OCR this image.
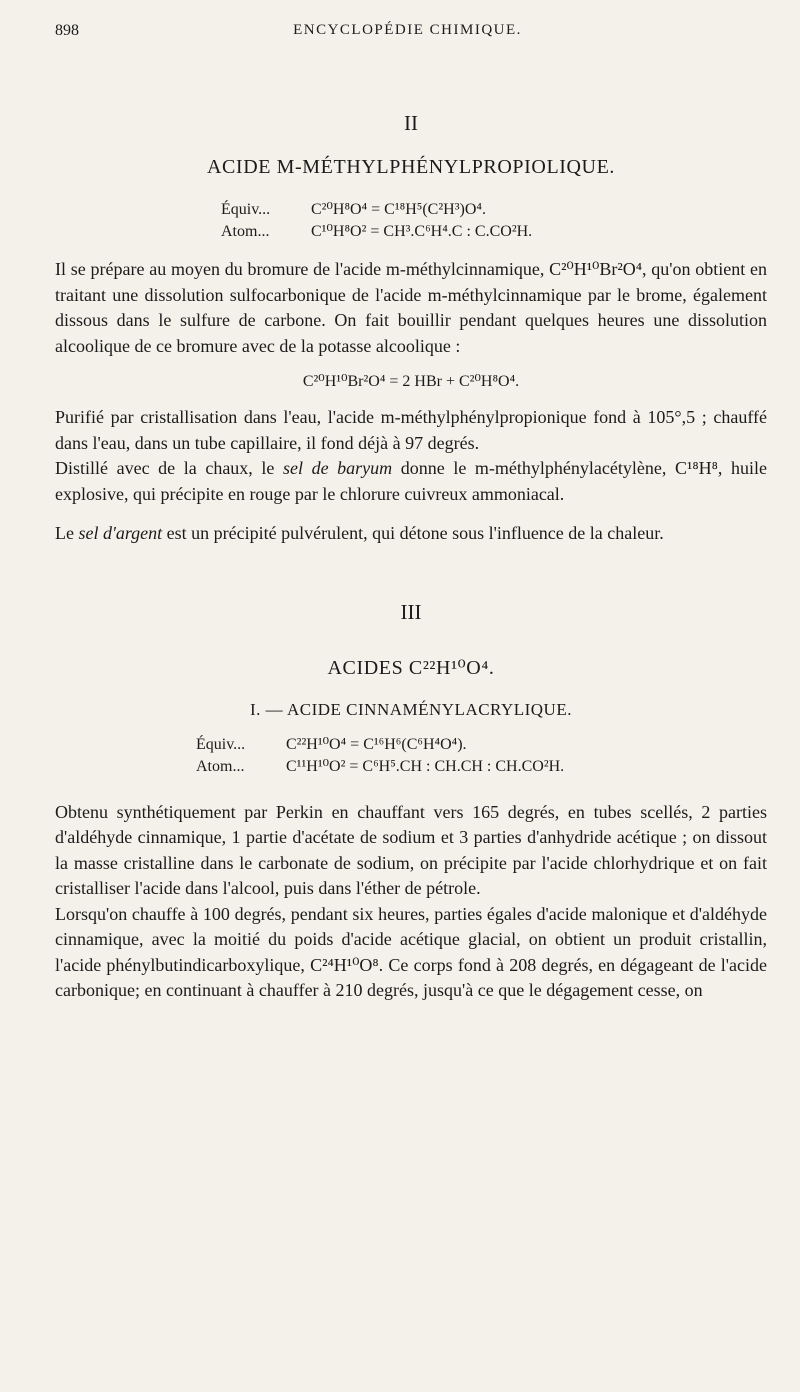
898	ENCYCLOPÉDIE CHIMIQUE.
II
ACIDE M-MÉTHYLPHÉNYLPROPIOLIQUE.
Équiv...	C²⁰H⁸O⁴ = C¹⁸H⁵(C²H³)O⁴.
Atom...	C¹⁰H⁸O² = CH³.C⁶H⁴.C : C.CO²H.

Il se prépare au moyen du bromure de l'acide m-méthylcinnamique, C²⁰H¹⁰Br²O⁴, qu'on obtient en traitant une dissolution sulfocarbonique de l'acide m-méthylcinnamique par le brome, également dissous dans le sulfure de carbone. On fait bouillir pendant quelques heures une dissolution alcoolique de ce bromure avec de la potasse alcoolique :

C²⁰H¹⁰Br²O⁴ = 2 HBr + C²⁰H⁸O⁴.

Purifié par cristallisation dans l'eau, l'acide m-méthylphénylpropionique fond à 105°,5 ; chauffé dans l'eau, dans un tube capillaire, il fond déjà à 97 degrés.

Distillé avec de la chaux, le sel de baryum donne le m-méthylphénylacétylène, C¹⁸H⁸, huile explosive, qui précipite en rouge par le chlorure cuivreux ammoniacal.

Le sel d'argent est un précipité pulvérulent, qui détone sous l'influence de la chaleur.

III
ACIDES C²²H¹⁰O⁴.
I. — ACIDE CINNAMÉNYLACRYLIQUE.
Équiv...	C²²H¹⁰O⁴ = C¹⁶H⁶(C⁶H⁴O⁴).
Atom...	C¹¹H¹⁰O² = C⁶H⁵.CH : CH.CH : CH.CO²H.

Obtenu synthétiquement par Perkin en chauffant vers 165 degrés, en tubes scellés, 2 parties d'aldéhyde cinnamique, 1 partie d'acétate de sodium et 3 parties d'anhydride acétique ; on dissout la masse cristalline dans le carbonate de sodium, on précipite par l'acide chlorhydrique et on fait cristalliser l'acide dans l'alcool, puis dans l'éther de pétrole.

Lorsqu'on chauffe à 100 degrés, pendant six heures, parties égales d'acide malonique et d'aldéhyde cinnamique, avec la moitié du poids d'acide acétique glacial, on obtient un produit cristallin, l'acide phénylbutindicarboxylique, C²⁴H¹⁰O⁸. Ce corps fond à 208 degrés, en dégageant de l'acide carbonique; en continuant à chauffer à 210 degrés, jusqu'à ce que le dégagement cesse, on
